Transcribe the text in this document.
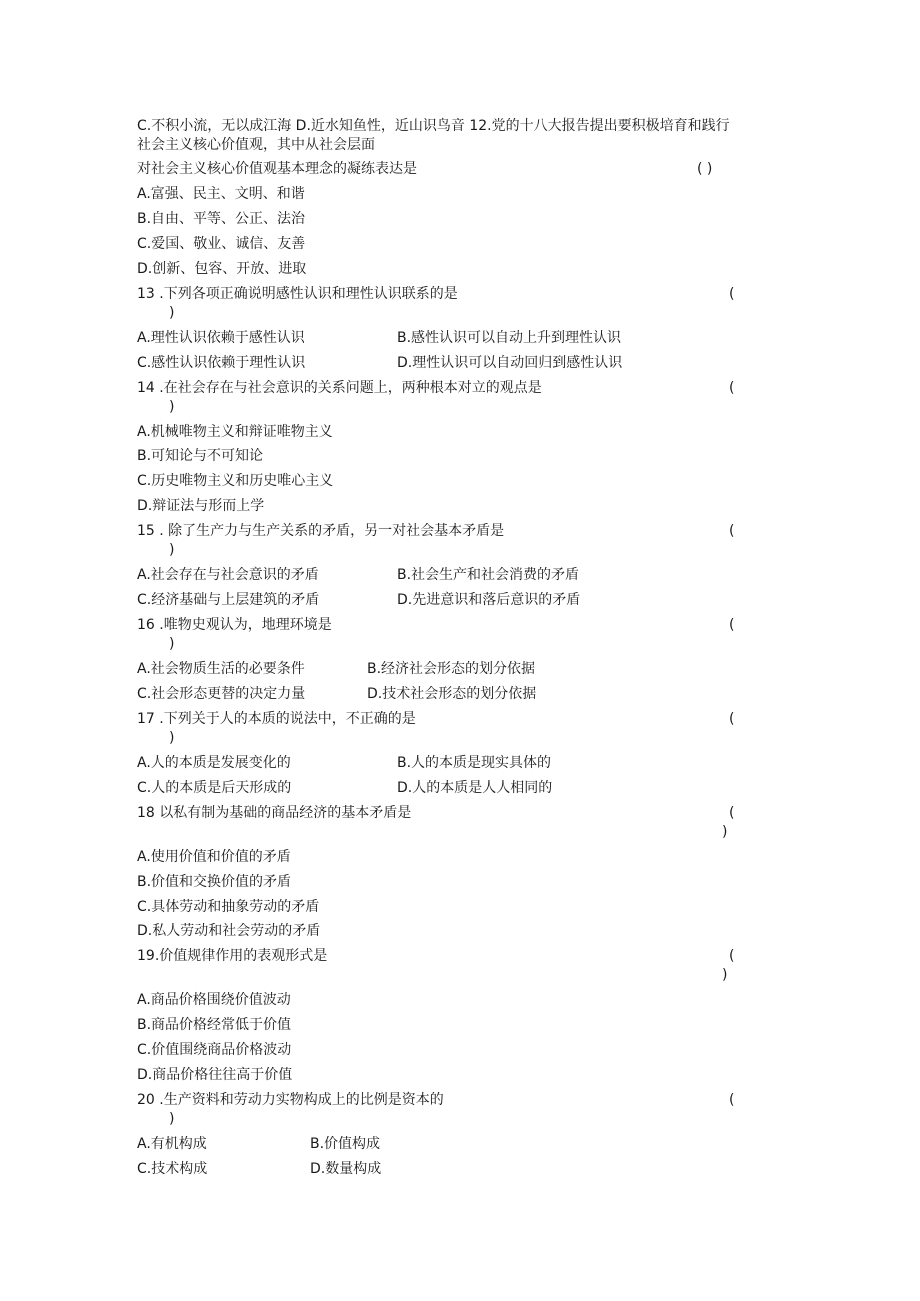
C.不积小流，无以成江海 D.近水知鱼性，近山识鸟音 12.党的十八大报告提出要积极培育和践行
社会主义核心价值观，其中从社会层面
对社会主义核心价值观基本理念的凝练表达是	( )
A.富强、民主、文明、和谐
B.自由、平等、公正、法治
C.爱国、敬业、诚信、友善
D.创新、包容、开放、进取
13 .下列各项正确说明感性认识和理性认识联系的是	(
)
A.理性认识依赖于感性认识	B.感性认识可以自动上升到理性认识
C.感性认识依赖于理性认识	D.理性认识可以自动回归到感性认识
14 .在社会存在与社会意识的关系问题上，两种根本对立的观点是	(
)
A.机械唯物主义和辩证唯物主义
B.可知论与不可知论
C.历史唯物主义和历史唯心主义
D.辩证法与形而上学
15 . 除了生产力与生产关系的矛盾，另一对社会基本矛盾是	(
)
A.社会存在与社会意识的矛盾	B.社会生产和社会消费的矛盾
C.经济基础与上层建筑的矛盾	D.先进意识和落后意识的矛盾
16 .唯物史观认为，地理环境是	(
)
A.社会物质生活的必要条件	B.经济社会形态的划分依据
C.社会形态更替的决定力量	D.技术社会形态的划分依据
17 .下列关于人的本质的说法中，不正确的是	(
)
A.人的本质是发展变化的	B.人的本质是现实具体的
C.人的本质是后天形成的	D.人的本质是人人相同的
18 以私有制为基础的商品经济的基本矛盾是	(
)
A.使用价值和价值的矛盾
B.价值和交换价值的矛盾
C.具体劳动和抽象劳动的矛盾
D.私人劳动和社会劳动的矛盾
19.价值规律作用的表观形式是	(
)
A.商品价格围绕价值波动
B.商品价格经常低于价值
C.价值围绕商品价格波动
D.商品价格往往高于价值
20 .生产资料和劳动力实物构成上的比例是资本的	(
)
A.有机构成	B.价值构成
C.技术构成	D.数量构成
